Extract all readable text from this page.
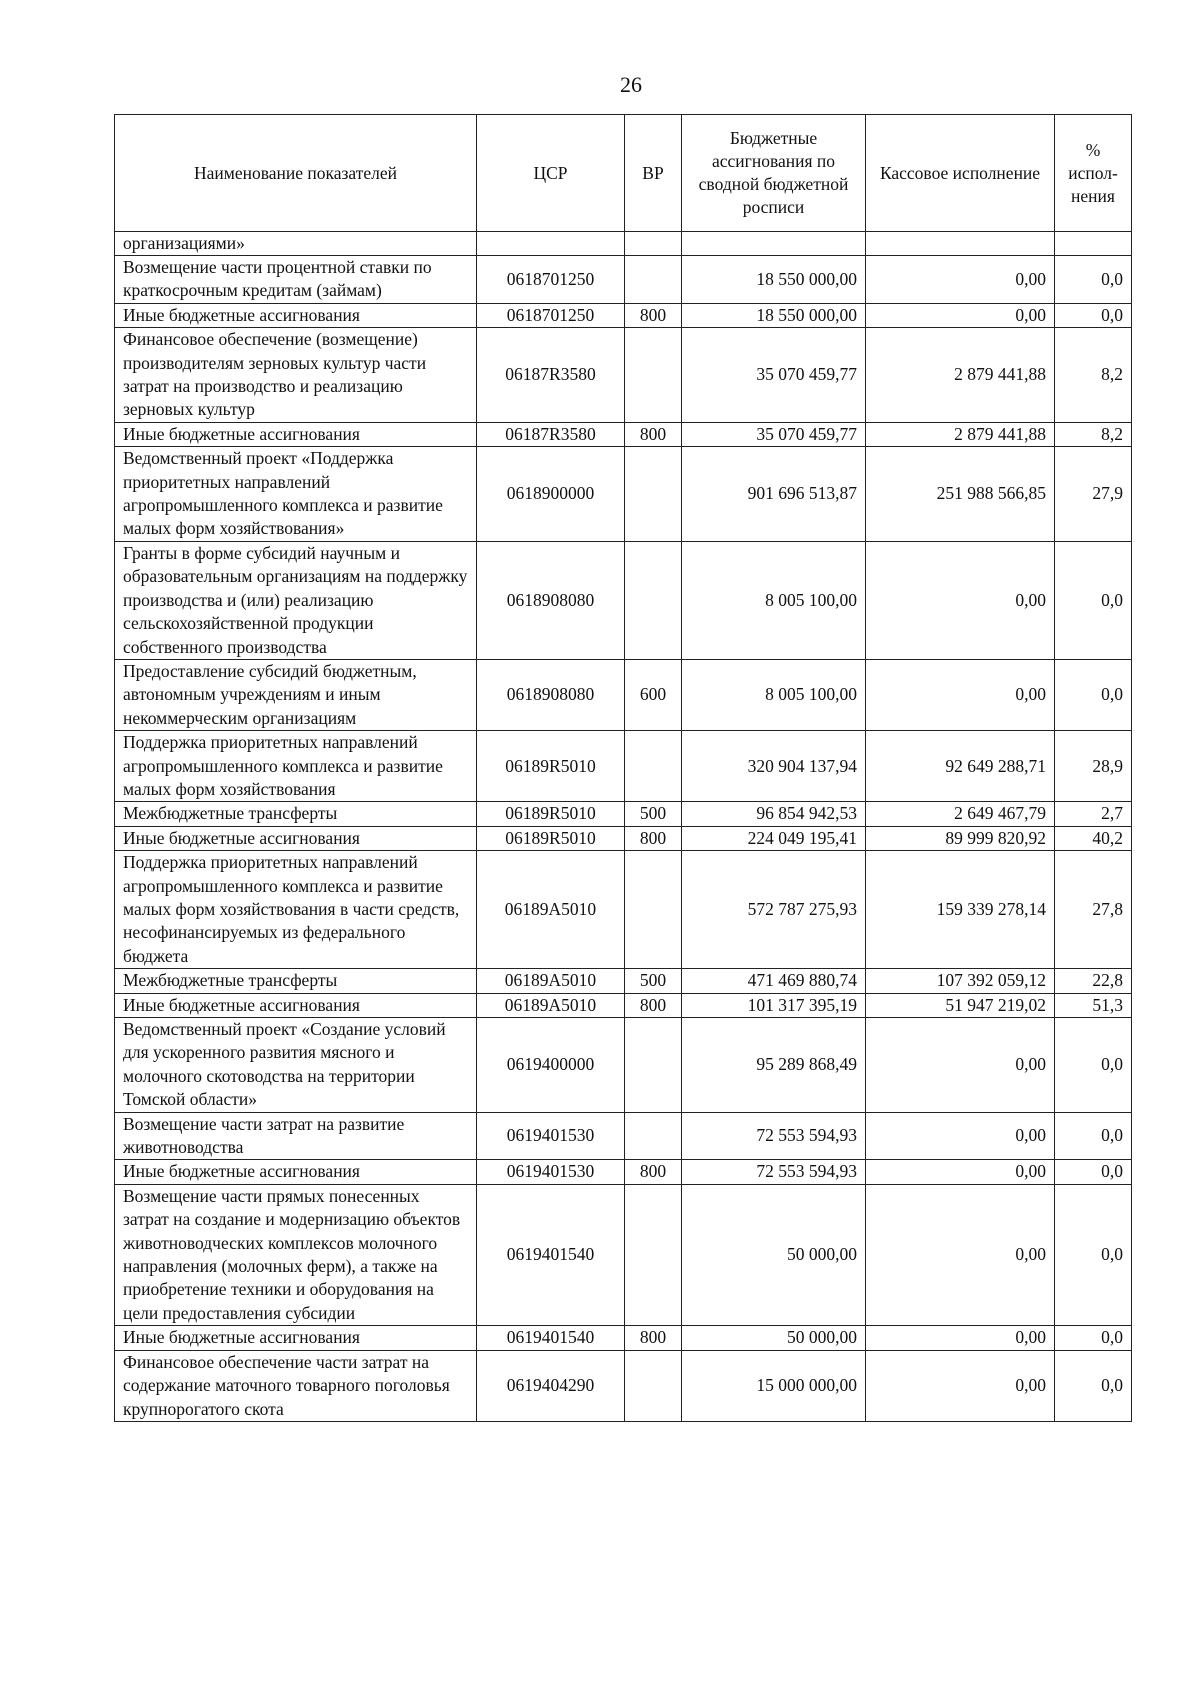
26
Наименование показателей	ЦСР	ВР	Бюджетные ассигнования по сводной бюджетной росписи	Кассовое исполнение	% испол-нения
организациями»					
Возмещение части процентной ставки по краткосрочным кредитам (займам)	0618701250		18 550 000,00	0,00	0,0
Иные бюджетные ассигнования	0618701250	800	18 550 000,00	0,00	0,0
Финансовое обеспечение (возмещение) производителям зерновых культур части затрат на производство и реализацию зерновых культур	06187R3580		35 070 459,77	2 879 441,88	8,2
Иные бюджетные ассигнования	06187R3580	800	35 070 459,77	2 879 441,88	8,2
Ведомственный проект «Поддержка приоритетных направлений агропромышленного комплекса и развитие малых форм хозяйствования»	0618900000		901 696 513,87	251 988 566,85	27,9
Гранты в форме субсидий научным и образовательным организациям на поддержку производства и (или) реализацию сельскохозяйственной продукции собственного производства	0618908080		8 005 100,00	0,00	0,0
Предоставление субсидий бюджетным, автономным учреждениям и иным некоммерческим организациям	0618908080	600	8 005 100,00	0,00	0,0
Поддержка приоритетных направлений агропромышленного комплекса и развитие малых форм хозяйствования	06189R5010		320 904 137,94	92 649 288,71	28,9
Межбюджетные трансферты	06189R5010	500	96 854 942,53	2 649 467,79	2,7
Иные бюджетные ассигнования	06189R5010	800	224 049 195,41	89 999 820,92	40,2
Поддержка приоритетных направлений агропромышленного комплекса и развитие малых форм хозяйствования в части средств, несофинансируемых из федерального бюджета	06189A5010		572 787 275,93	159 339 278,14	27,8
Межбюджетные трансферты	06189A5010	500	471 469 880,74	107 392 059,12	22,8
Иные бюджетные ассигнования	06189A5010	800	101 317 395,19	51 947 219,02	51,3
Ведомственный проект «Создание условий для ускоренного развития мясного и молочного скотоводства на территории Томской области»	0619400000		95 289 868,49	0,00	0,0
Возмещение части затрат на развитие животноводства	0619401530		72 553 594,93	0,00	0,0
Иные бюджетные ассигнования	0619401530	800	72 553 594,93	0,00	0,0
Возмещение части прямых понесенных затрат на создание и модернизацию объектов животноводческих комплексов молочного направления (молочных ферм), а также на приобретение техники и оборудования на цели предоставления субсидии	0619401540		50 000,00	0,00	0,0
Иные бюджетные ассигнования	0619401540	800	50 000,00	0,00	0,0
Финансовое обеспечение части затрат на содержание маточного товарного поголовья крупнорогатого скота	0619404290		15 000 000,00	0,00	0,0
